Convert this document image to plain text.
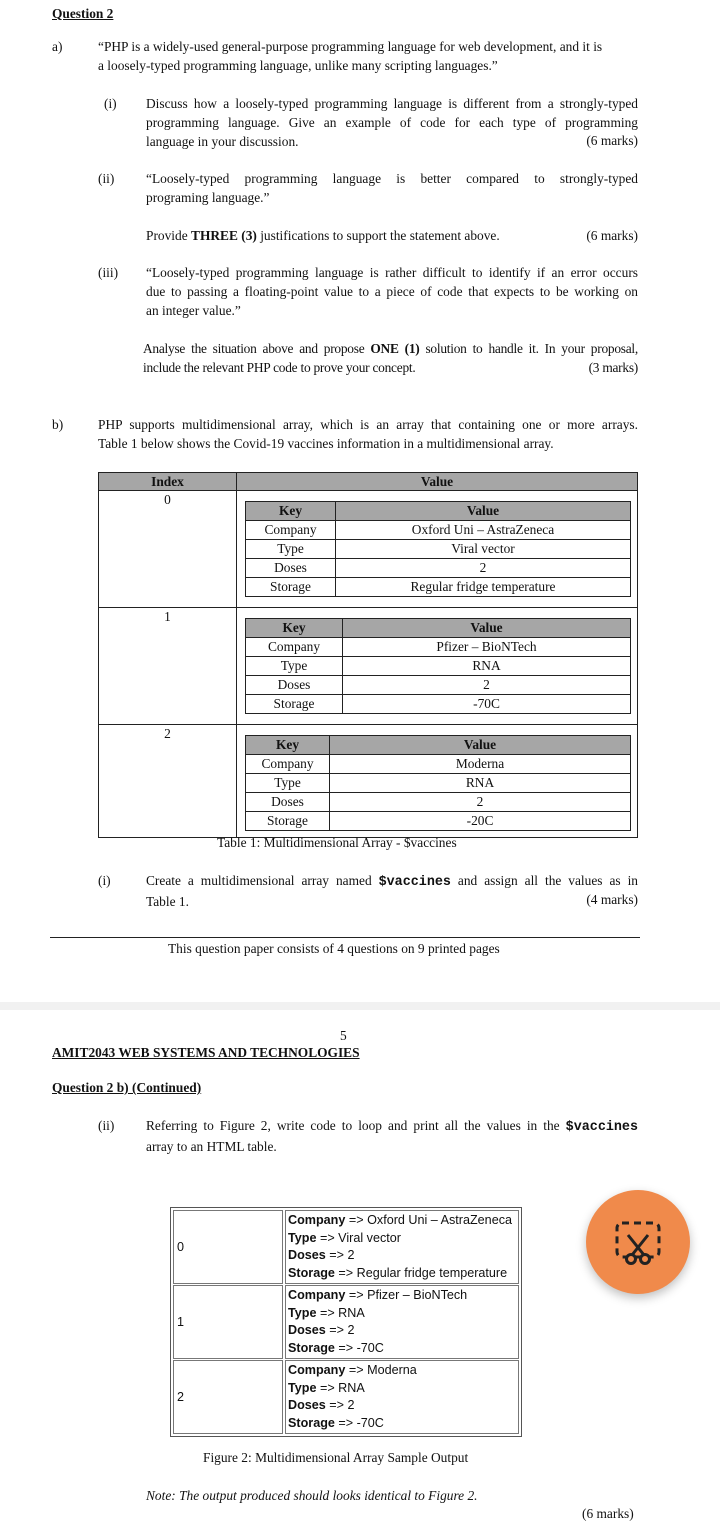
Question 2
a)	“PHP is a widely-used general-purpose programming language for web development, and it is
a loosely-typed programming language, unlike many scripting languages.”
(i) Discuss how a loosely-typed programming language is different from a strongly-typed
programming language. Give an example of code for each type of programming
language in your discussion.	(6 marks)
(ii) “Loosely-typed programming language is better compared to strongly-typed
programing language.”
Provide THREE (3) justifications to support the statement above.	(6 marks)
(iii) “Loosely-typed programming language is rather difficult to identify if an error occurs
due to passing a floating-point value to a piece of code that expects to be working on
an integer value.”
Analyse the situation above and propose ONE (1) solution to handle it. In your proposal,
include the relevant PHP code to prove your concept.	(3 marks)
b)	PHP supports multidimensional array, which is an array that containing one or more arrays.
Table 1 below shows the Covid-19 vaccines information in a multidimensional array.
Index	Value
0	
Key	Value
Company	Oxford Uni – AstraZeneca
Type	Viral vector
Doses	2
Storage	Regular fridge temperature

1	
Key	Value
Company	Pfizer – BioNTech
Type	RNA
Doses	2
Storage	-70C

2	
Key	Value
Company	Moderna
Type	RNA
Doses	2
Storage	-20C
Table 1: Multidimensional Array - $vaccines
(i)	Create a multidimensional array named $vaccines and assign all the values as in
Table 1.	(4 marks)
This question paper consists of 4 questions on 9 printed pages
5
AMIT2043 WEB SYSTEMS AND TECHNOLOGIES
Question 2 b) (Continued)
(ii) Referring to Figure 2, write code to loop and print all the values in the $vaccines
array to an HTML table.
0
Company => Oxford Uni – AstraZeneca
Type => Viral vector
Doses => 2
Storage => Regular fridge temperature
1
Company => Pfizer – BioNTech
Type => RNA
Doses => 2
Storage => -70C
2
Company => Moderna
Type => RNA
Doses => 2
Storage => -70C
Figure 2: Multidimensional Array Sample Output
Note: The output produced should looks identical to Figure 2.
(6 marks)
